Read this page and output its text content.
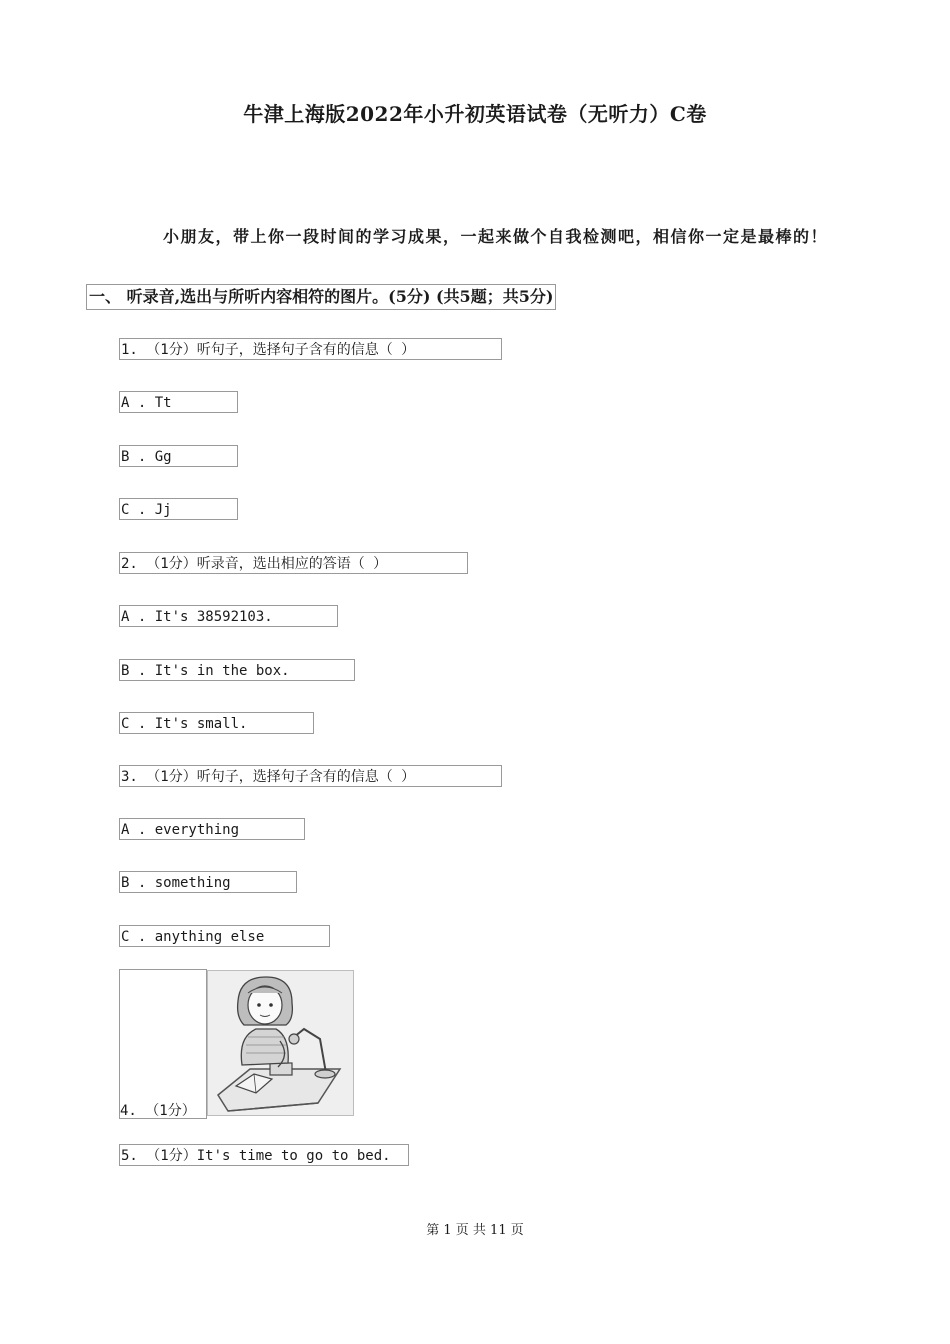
牛津上海版2022年小升初英语试卷（无听力）C卷
小朋友，带上你一段时间的学习成果，一起来做个自我检测吧，相信你一定是最棒的！
一、 听录音,选出与所听内容相符的图片。(5分) (共5题；共5分)
1. （1分）听句子，选择句子含有的信息（ ）
A . Tt
B . Gg
C . Jj
2. （1分）听录音，选出相应的答语（ ）
A . It's 38592103.
B . It's in the box.
C . It's small.
3. （1分）听句子，选择句子含有的信息（ ）
A . everything
B . something
C . anything else
4. （1分）
5. （1分）It's time to go to bed.
第 1 页 共 11 页
